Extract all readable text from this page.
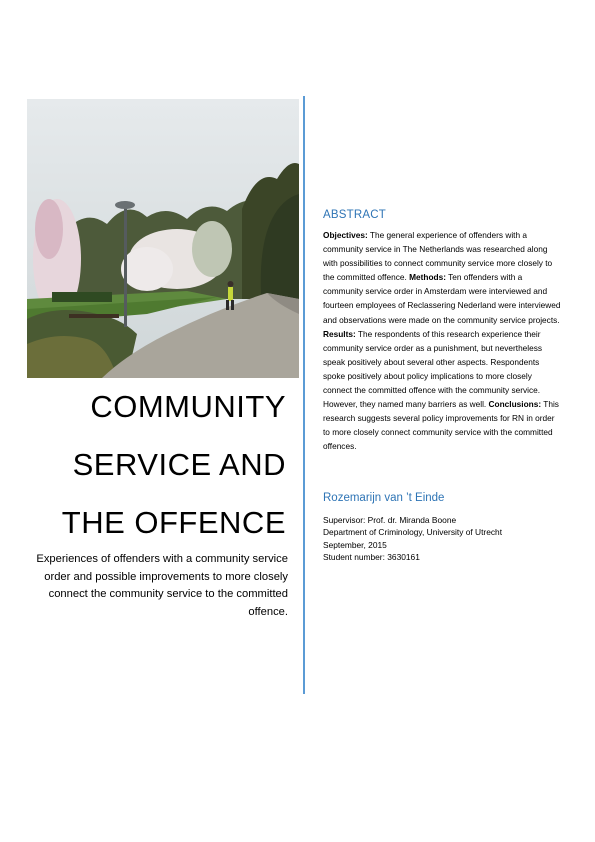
COMMUNITY
SERVICE AND
THE OFFENCE
Experiences of offenders with a community service order and possible improvements to more closely connect the community service to the committed offence.
ABSTRACT
Objectives: The general experience of offenders with a community service in The Netherlands was researched along with possibilities to connect community service more closely to the committed offence. Methods: Ten offenders with a community service order in Amsterdam were interviewed and fourteen employees of Reclassering Nederland were interviewed and observations were made on the community service projects. Results: The respondents of this research experience their community service order as a punishment, but nevertheless speak positively about several other aspects. Respondents spoke positively about policy implications to more closely connect the committed offence with the community service. However, they named many barriers as well. Conclusions: This research suggests several policy improvements for RN in order to more closely connect community service with the committed offences.
Rozemarijn van ’t Einde
Supervisor: Prof. dr. Miranda Boone
Department of Criminology, University of Utrecht
September, 2015
Student number: 3630161
